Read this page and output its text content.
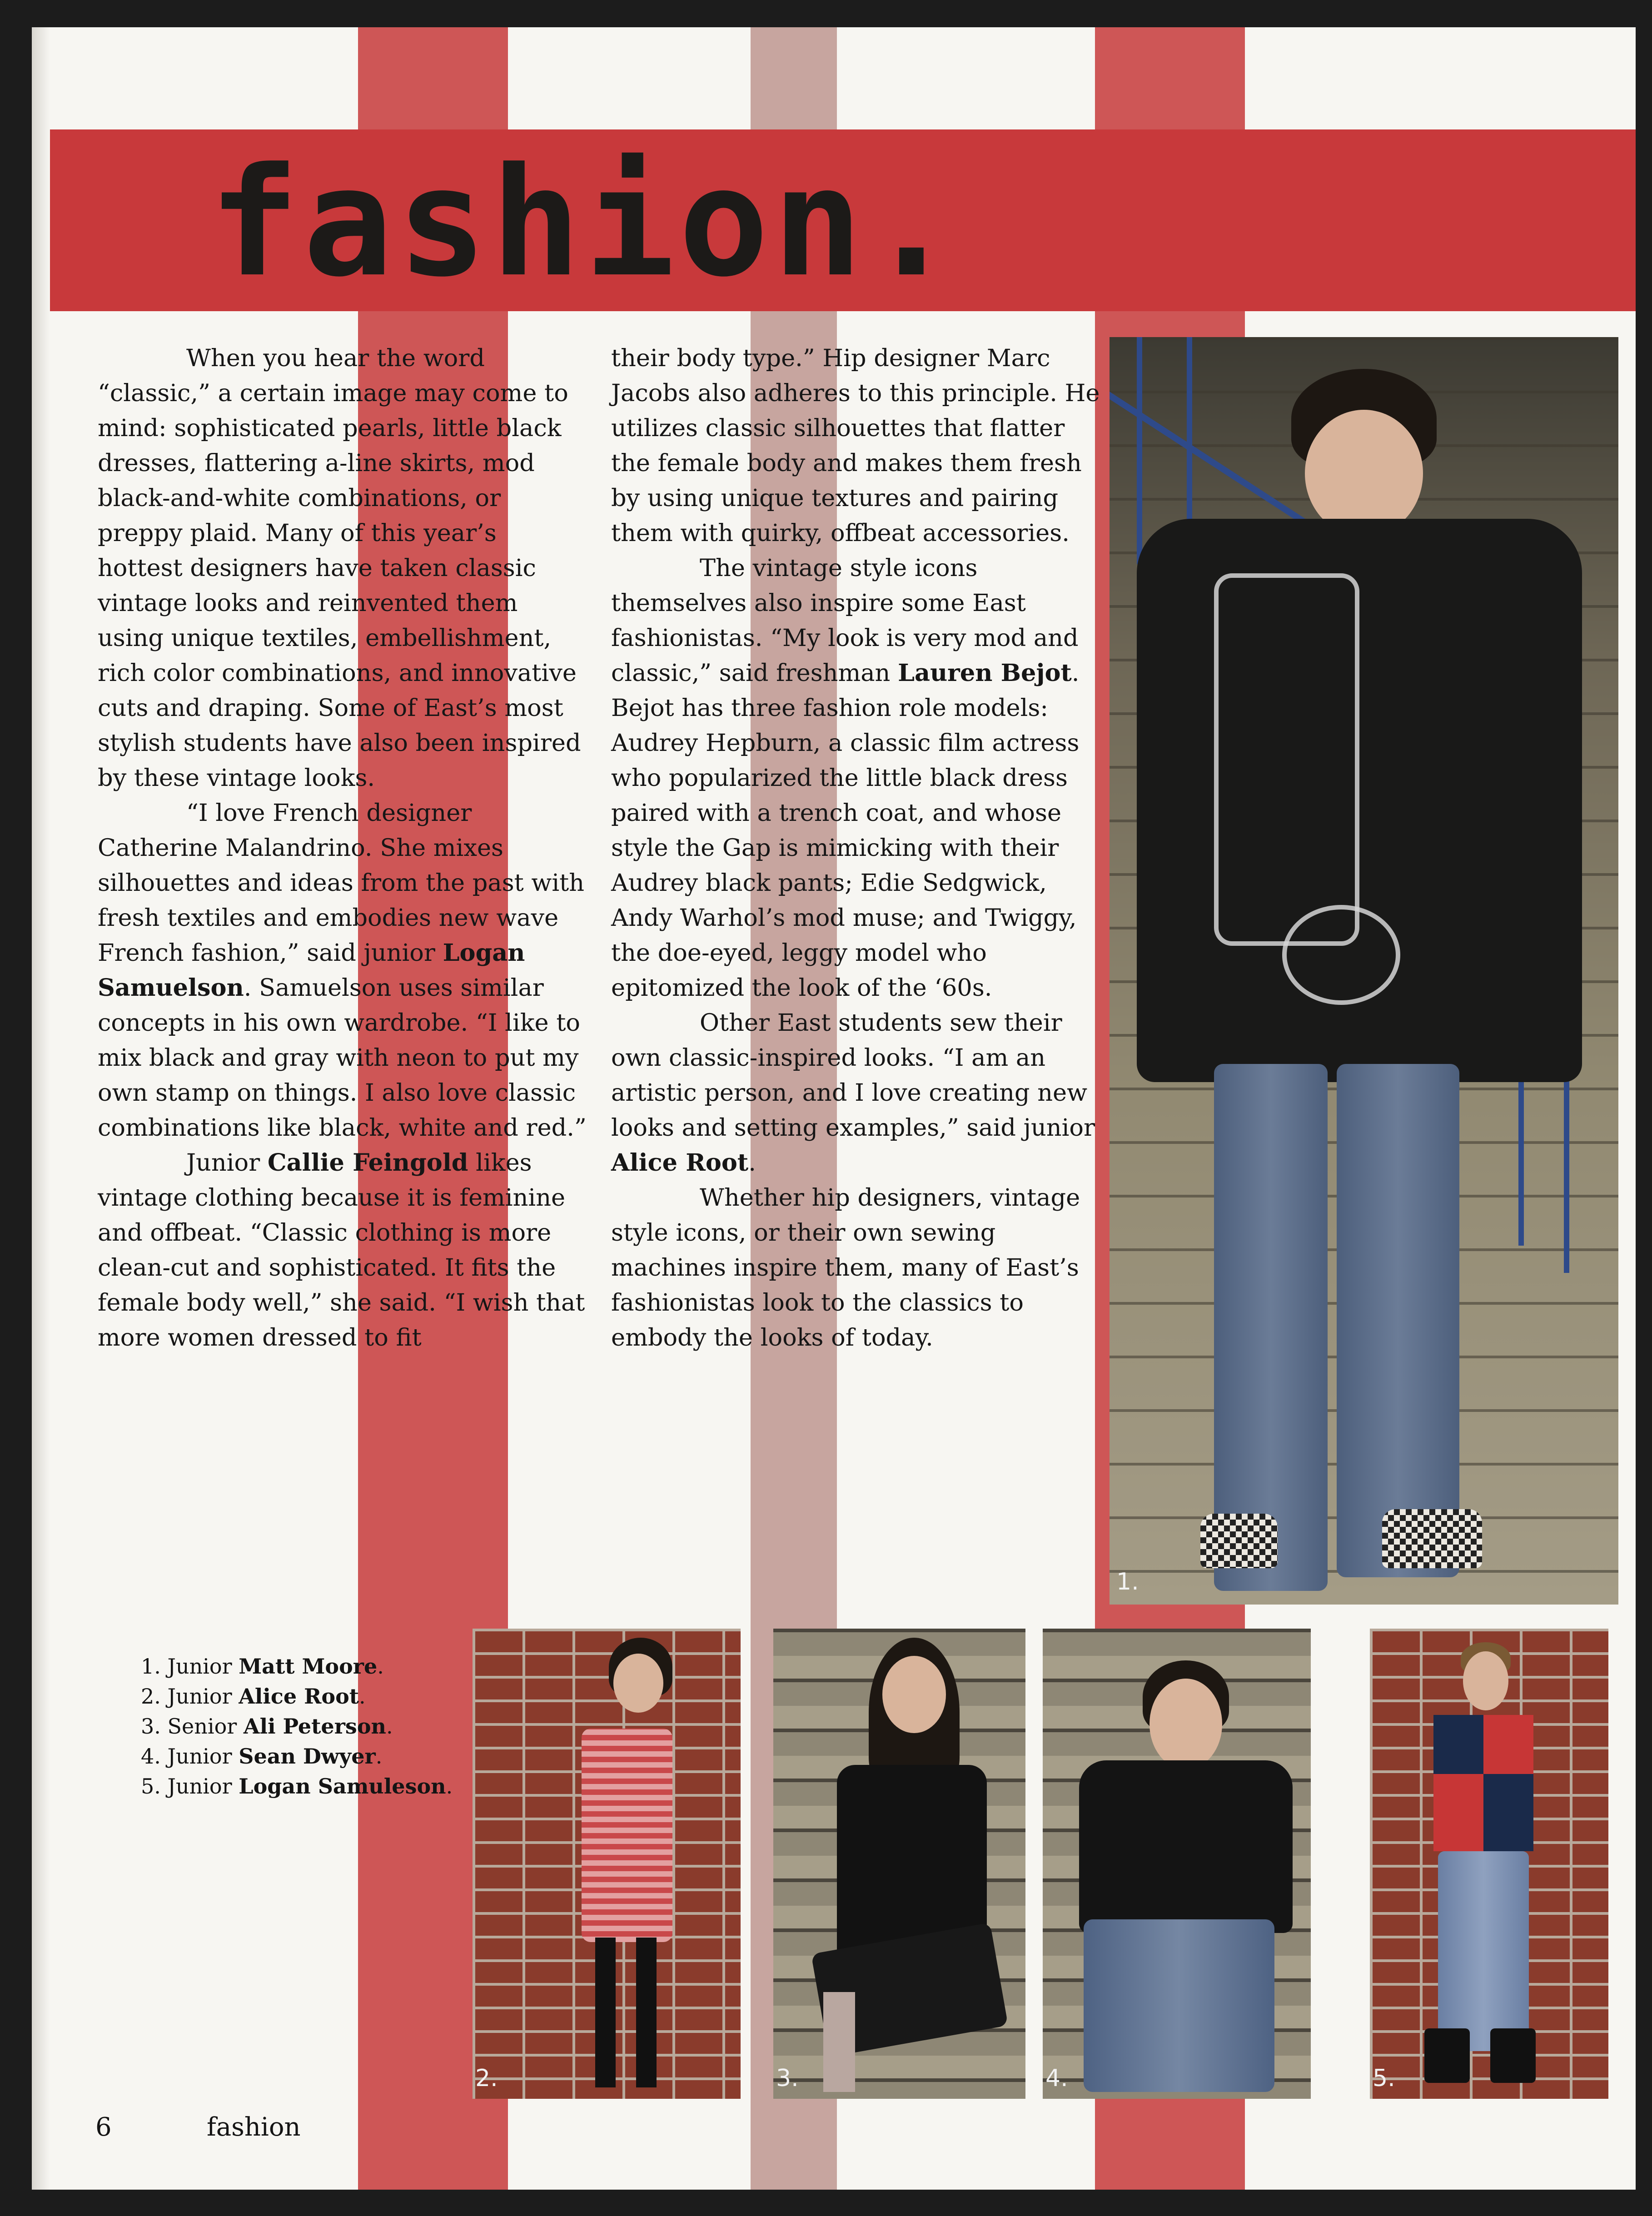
fashion.

When you hear the word “classic,” a certain image may come to mind: sophisticated pearls, little black dresses, flattering a-line skirts, mod black-and-white combinations, or preppy plaid. Many of this year’s hottest designers have taken classic vintage looks and reinvented them using unique textiles, embellishment, rich color combinations, and innovative cuts and draping. Some of East’s most stylish students have also been inspired by these vintage looks.

“I love French designer Catherine Malandrino. She mixes silhouettes and ideas from the past with fresh textiles and embodies new wave French fashion,” said junior Logan Samuelson. Samuelson uses similar concepts in his own wardrobe. “I like to mix black and gray with neon to put my own stamp on things. I also love classic combinations like black, white and red.”

Junior Callie Feingold likes vintage clothing because it is feminine and offbeat. “Classic clothing is more clean-cut and sophisticated. It fits the female body well,” she said. “I wish that more women dressed to fit

their body type.” Hip designer Marc Jacobs also adheres to this principle. He utilizes classic silhouettes that flatter the female body and makes them fresh by using unique textures and pairing them with quirky, offbeat accessories.

The vintage style icons themselves also inspire some East fashionistas. “My look is very mod and classic,” said freshman Lauren Bejot. Bejot has three fashion role models: Audrey Hepburn, a classic film actress who popularized the little black dress paired with a trench coat, and whose style the Gap is mimicking with their Audrey black pants; Edie Sedgwick, Andy Warhol’s mod muse; and Twiggy, the doe-eyed, leggy model who epitomized the look of the ‘60s.

Other East students sew their own classic-inspired looks. “I am an artistic person, and I love creating new looks and setting examples,” said junior Alice Root.

Whether hip designers, vintage style icons, or their own sewing machines inspire them, many of East’s fashionistas look to the classics to embody the looks of today.

1.
2.	3.	4.	5.
1. Junior Matt Moore.
2. Junior Alice Root.
3. Senior Ali Peterson.
4. Junior Sean Dwyer.
5. Junior Logan Samuleson.
6	fashion
